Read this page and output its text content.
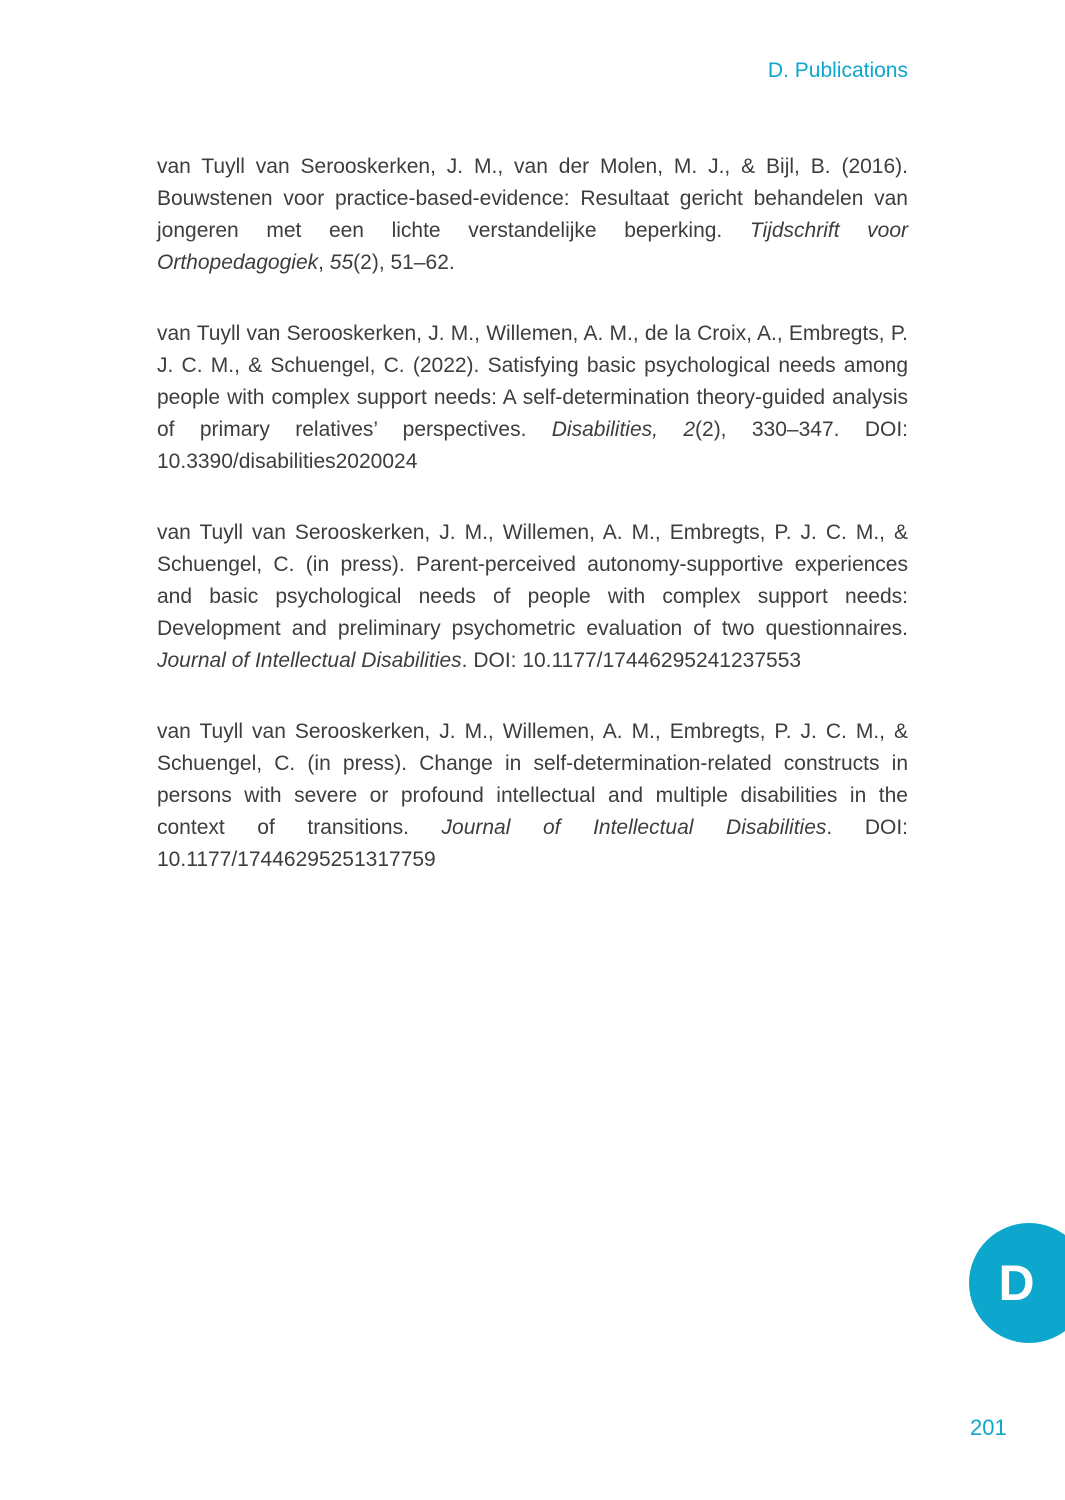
D. Publications

van Tuyll van Serooskerken, J. M., van der Molen, M. J., & Bijl, B. (2016). Bouwstenen voor practice-based-evidence: Resultaat gericht behandelen van jongeren met een lichte verstandelijke beperking. Tijdschrift voor Orthopedagogiek, 55(2), 51–62.

van Tuyll van Serooskerken, J. M., Willemen, A. M., de la Croix, A., Embregts, P. J. C. M., & Schuengel, C. (2022). Satisfying basic psychological needs among people with complex support needs: A self-determination theory-guided analysis of primary relatives’ perspectives. Disabilities, 2(2), 330–347. DOI: 10.3390/disabilities2020024

van Tuyll van Serooskerken, J. M., Willemen, A. M., Embregts, P. J. C. M., & Schuengel, C. (in press). Parent-perceived autonomy-supportive experiences and basic psychological needs of people with complex support needs: Development and preliminary psychometric evaluation of two questionnaires. Journal of Intellectual Disabilities. DOI: 10.1177/17446295241237553

van Tuyll van Serooskerken, J. M., Willemen, A. M., Embregts, P. J. C. M., & Schuengel, C. (in press). Change in self-determination-related constructs in persons with severe or profound intellectual and multiple disabilities in the context of transitions. Journal of Intellectual Disabilities. DOI: 10.1177/17446295251317759

D
201
